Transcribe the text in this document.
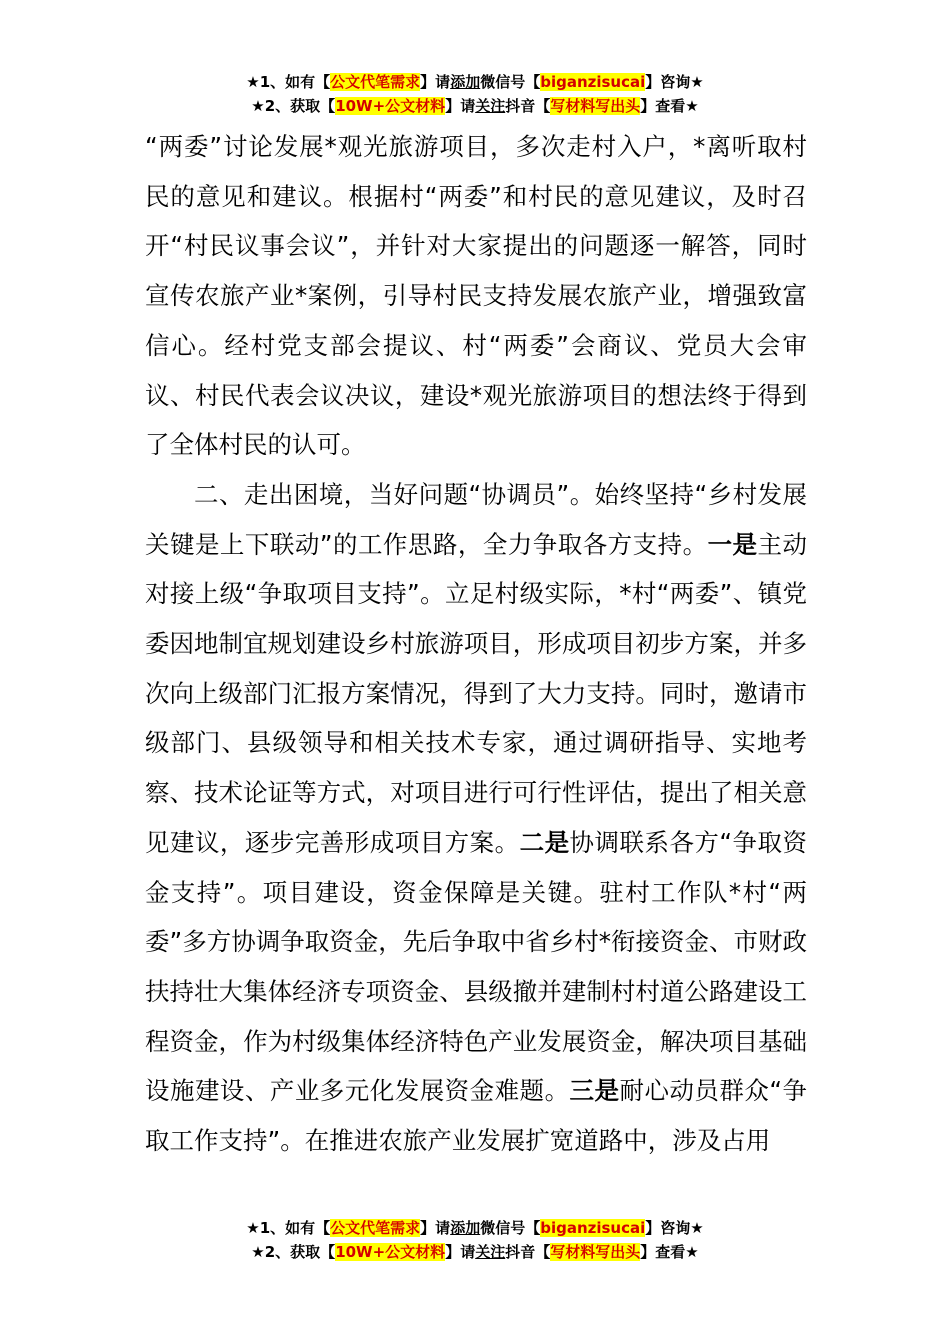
★1、如有【公文代笔需求】请添加微信号【biganzisucai】咨询★
★2、获取【10W+公文材料】请关注抖音【写材料写出头】查看★

“两委”讨论发展*观光旅游项目，多次走村入户，*离听取村民的意见和建议。根据村“两委”和村民的意见建议，及时召开“村民议事会议”，并针对大家提出的问题逐一解答，同时宣传农旅产业*案例，引导村民支持发展农旅产业，增强致富信心。经村党支部会提议、村“两委”会商议、党员大会审议、村民代表会议决议，建设*观光旅游项目的想法终于得到了全体村民的认可。

二、走出困境，当好问题“协调员”。始终坚持“乡村发展关键是上下联动”的工作思路，全力争取各方支持。一是主动对接上级“争取项目支持”。立足村级实际，*村“两委”、镇党委因地制宜规划建设乡村旅游项目，形成项目初步方案，并多次向上级部门汇报方案情况，得到了大力支持。同时，邀请市级部门、县级领导和相关技术专家，通过调研指导、实地考察、技术论证等方式，对项目进行可行性评估，提出了相关意见建议，逐步完善形成项目方案。二是协调联系各方“争取资金支持”。项目建设，资金保障是关键。驻村工作队*村“两委”多方协调争取资金，先后争取中省乡村*衔接资金、市财政扶持壮大集体经济专项资金、县级撤并建制村村道公路建设工程资金，作为村级集体经济特色产业发展资金，解决项目基础设施建设、产业多元化发展资金难题。三是耐心动员群众“争取工作支持”。在推进农旅产业发展扩宽道路中，涉及占用

★1、如有【公文代笔需求】请添加微信号【biganzisucai】咨询★
★2、获取【10W+公文材料】请关注抖音【写材料写出头】查看★
